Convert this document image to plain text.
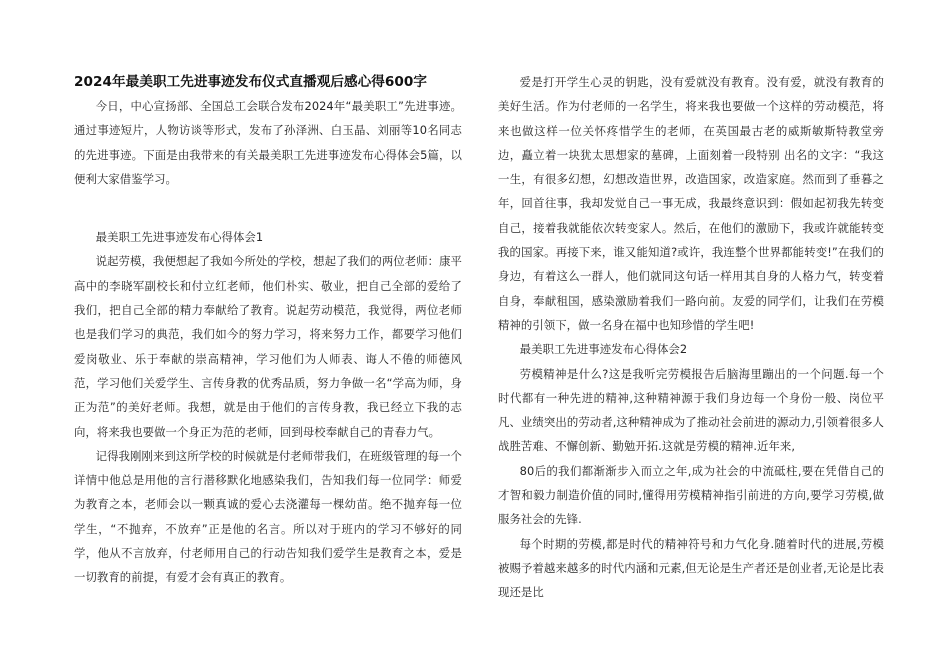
2024年最美职工先进事迹发布仪式直播观后感心得600字

今日，中心宣扬部、全国总工会联合发布2024年“最美职工”先进事迹。通过事迹短片，人物访谈等形式，发布了孙泽洲、白玉晶、刘丽等10名同志的先进事迹。下面是由我带来的有关最美职工先进事迹发布心得体会5篇，以便利大家借鉴学习。

最美职工先进事迹发布心得体会1

说起劳模，我便想起了我如今所处的学校，想起了我们的两位老师：康平高中的李晓军副校长和付立红老师，他们朴实、敬业，把自己全部的爱给了我们，把自己全部的精力奉献给了教育。说起劳动模范，我觉得，两位老师也是我们学习的典范，我们如今的努力学习，将来努力工作，都要学习他们爱岗敬业、乐于奉献的崇高精神，学习他们为人师表、诲人不倦的师德风范，学习他们关爱学生、言传身教的优秀品质，努力争做一名“学高为师，身正为范”的美好老师。我想，就是由于他们的言传身教，我已经立下我的志向，将来我也要做一个身正为范的老师，回到母校奉献自己的青春力气。

记得我刚刚来到这所学校的时候就是付老师带我们，在班级管理的每一个详情中他总是用他的言行潜移默化地感染我们，告知我们每一位同学：师爱为教育之本，老师会以一颗真诚的爱心去浇灌每一棵幼苗。绝不抛弃每一位学生，“不抛弃，不放弃”正是他的名言。所以对于班内的学习不够好的同学，他从不言放弃，付老师用自己的行动告知我们爱学生是教育之本，爱是一切教育的前提，有爱才会有真正的教育。

爱是打开学生心灵的钥匙，没有爱就没有教育。没有爱，就没有教育的美好生活。作为付老师的一名学生，将来我也要做一个这样的劳动模范，将来也做这样一位关怀疼惜学生的老师，在英国最古老的威斯敏斯特教堂旁边，矗立着一块犹太思想家的墓碑，上面刻着一段特别 出名的文字：“我这一生，有很多幻想，幻想改造世界，改造国家，改造家庭。然而到了垂暮之年，回首往事，我却发觉自己一事无成，我最终意识到：假如起初我先转变自己，接着我就能依次转变家人。然后，在他们的激励下，我或许就能转变我的国家。再接下来，谁又能知道?或许，我连整个世界都能转变!”在我们的身边，有着这么一群人，他们就同这句话一样用其自身的人格力气，转变着自身，奉献租国，感染激励着我们一路向前。友爱的同学们，让我们在劳模精神的引领下，做一名身在福中也知珍惜的学生吧!

最美职工先进事迹发布心得体会2

劳模精神是什么?这是我听完劳模报告后脑海里蹦出的一个问题.每一个时代都有一种先进的精神,这种精神源于我们身边每一个身份一般、岗位平凡、业绩突出的劳动者,这种精神成为了推动社会前进的源动力,引领着很多人战胜苦难、不懈创新、勤勉开拓.这就是劳模的精神.近年来,

80后的我们都渐渐步入而立之年,成为社会的中流砥柱,要在凭借自己的才智和毅力制造价值的同时,懂得用劳模精神指引前进的方向,要学习劳模,做服务社会的先锋.

每个时期的劳模,都是时代的精神符号和力气化身.随着时代的进展,劳模被赐予着越来越多的时代内涵和元素,但无论是生产者还是创业者,无论是比表现还是比
